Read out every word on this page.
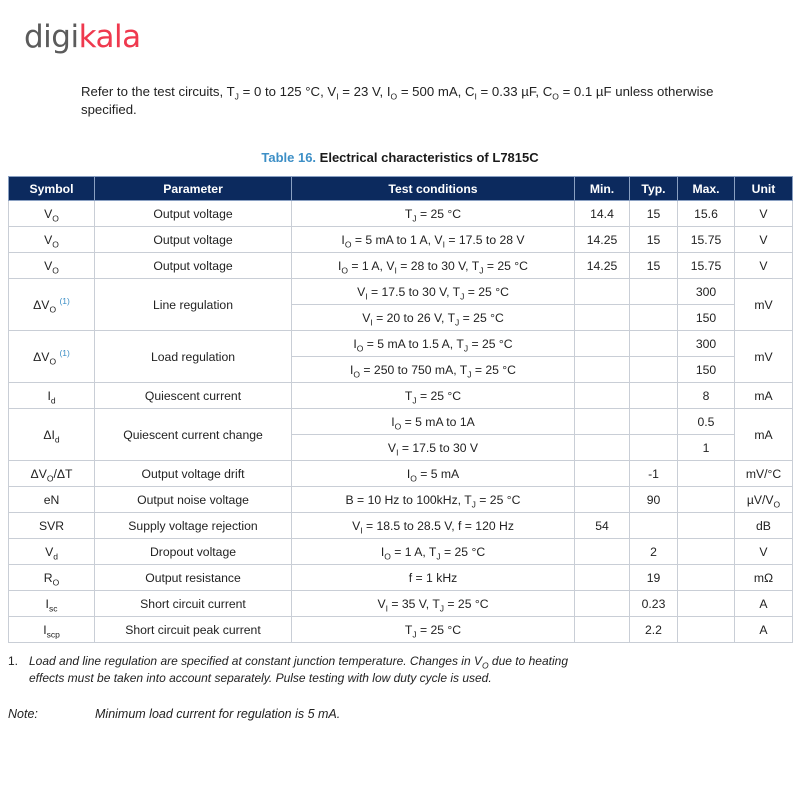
digikala
Refer to the test circuits, $T_J = 0$ to 125 °C, $V_I = 23$ V, $I_O = 500$ mA, $C_I = 0.33$ µF, $C_O = 0.1$ µF unless otherwise specified.
Table 16. Electrical characteristics of L7815C
Symbol	Parameter	Test conditions	Min.	Typ.	Max.	Unit
$V_O$	Output voltage	$T_J = 25$ °C	14.4	15	15.6	V
$V_O$	Output voltage	$I_O = 5$ mA to 1 A, $V_I = 17.5$ to 28 V	14.25	15	15.75	V
$V_O$	Output voltage	$I_O = 1$ A, $V_I = 28$ to 30 V, $T_J = 25$ °C	14.25	15	15.75	V
$\Delta V_O$ $^{(1)}$	Line regulation	$V_I = 17.5$ to 30 V, $T_J = 25$ °C			300	mV
		$V_I = 20$ to 26 V, $T_J = 25$ °C			150	
$\Delta V_O$ $^{(1)}$	Load regulation	$I_O = 5$ mA to 1.5 A, $T_J = 25$ °C			300	mV
		$I_O = 250$ to 750 mA, $T_J = 25$ °C			150	
$I_d$	Quiescent current	$T_J = 25$ °C			8	mA
$\Delta I_d$	Quiescent current change	$I_O = 5$ mA to 1A			0.5	mA
		$V_I = 17.5$ to 30 V			1	
$\Delta V_O/\Delta T$	Output voltage drift	$I_O = 5$ mA		-1		mV/°C
eN	Output noise voltage	B = 10 Hz to 100kHz, $T_J = 25$ °C		90		$\mu V/V_O$
SVR	Supply voltage rejection	$V_I = 18.5$ to 28.5 V, f = 120 Hz	54			dB
$V_d$	Dropout voltage	$I_O = 1$ A, $T_J = 25$ °C		2		V
$R_O$	Output resistance	f = 1 kHz		19		mΩ
$I_{sc}$	Short circuit current	$V_I = 35$ V, $T_J = 25$ °C		0.23		A
$I_{scp}$	Short circuit peak current	$T_J = 25$ °C		2.2		A
1. Load and line regulation are specified at constant junction temperature. Changes in $V_O$ due to heating
effects must be taken into account separately. Pulse testing with low duty cycle is used.
Note:	Minimum load current for regulation is 5 mA.
